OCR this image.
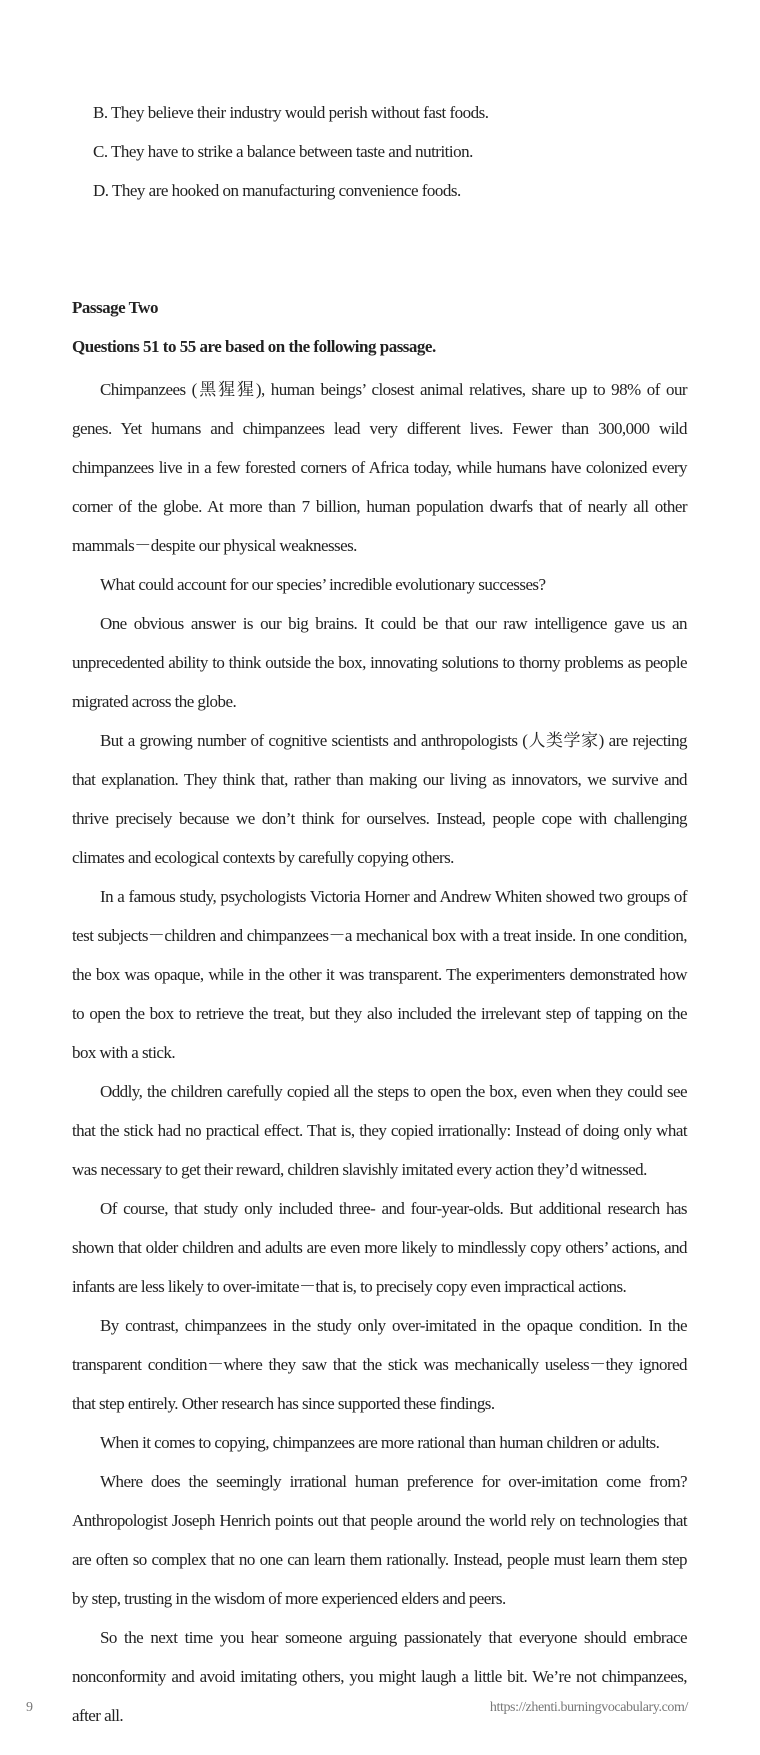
B. They believe their industry would perish without fast foods.
C. They have to strike a balance between taste and nutrition.
D. They are hooked on manufacturing convenience foods.
Passage Two
Questions 51 to 55 are based on the following passage.

Chimpanzees (黑猩猩), human beings’ closest animal relatives, share up to 98% of our genes. Yet humans and chimpanzees lead very different lives. Fewer than 300,000 wild chimpanzees live in a few forested corners of Africa today, while humans have colonized every corner of the globe. At more than 7 billion, human population dwarfs that of nearly all other mammals－despite our physical weaknesses.

What could account for our species’ incredible evolutionary successes?

One obvious answer is our big brains. It could be that our raw intelligence gave us an unprecedented ability to think outside the box, innovating solutions to thorny problems as people migrated across the globe.

But a growing number of cognitive scientists and anthropologists (人类学家) are rejecting that explanation. They think that, rather than making our living as innovators, we survive and thrive precisely because we don’t think for ourselves. Instead, people cope with challenging climates and ecological contexts by carefully copying others.

In a famous study, psychologists Victoria Horner and Andrew Whiten showed two groups of test subjects－children and chimpanzees－a mechanical box with a treat inside. In one condition, the box was opaque, while in the other it was transparent. The experimenters demonstrated how to open the box to retrieve the treat, but they also included the irrelevant step of tapping on the box with a stick.

Oddly, the children carefully copied all the steps to open the box, even when they could see that the stick had no practical effect. That is, they copied irrationally: Instead of doing only what was necessary to get their reward, children slavishly imitated every action they’d witnessed.

Of course, that study only included three- and four-year-olds. But additional research has shown that older children and adults are even more likely to mindlessly copy others’ actions, and infants are less likely to over-imitate－that is, to precisely copy even impractical actions.

By contrast, chimpanzees in the study only over-imitated in the opaque condition. In the transparent condition－where they saw that the stick was mechanically useless－they ignored that step entirely. Other research has since supported these findings.

When it comes to copying, chimpanzees are more rational than human children or adults.

Where does the seemingly irrational human preference for over-imitation come from? Anthropologist Joseph Henrich points out that people around the world rely on technologies that are often so complex that no one can learn them rationally. Instead, people must learn them step by step, trusting in the wisdom of more experienced elders and peers.

So the next time you hear someone arguing passionately that everyone should embrace nonconformity and avoid imitating others, you might laugh a little bit. We’re not chimpanzees, after all.

9	https://zhenti.burningvocabulary.com/
